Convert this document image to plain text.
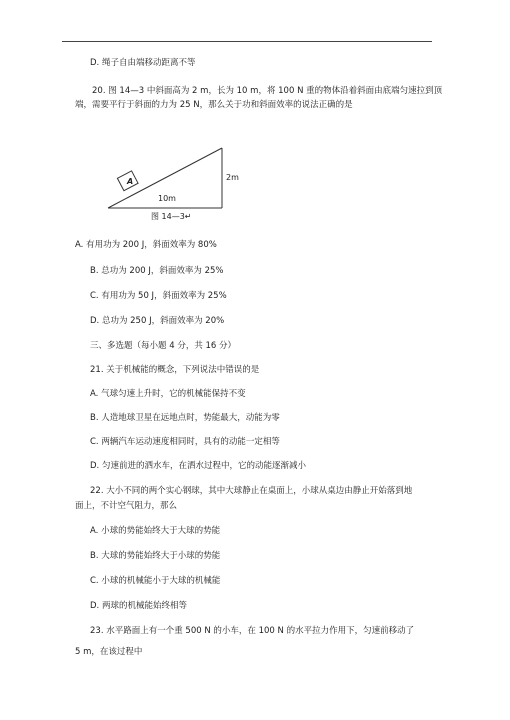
D. 绳子自由端移动距离不等
20. 图 14—3 中斜面高为 2 m，长为 10 m，将 100 N 重的物体沿着斜面由底端匀速拉到顶
端，需要平行于斜面的力为 25 N，那么关于功和斜面效率的说法正确的是
A
10m
2m
图 14—3↵
A. 有用功为 200 J，斜面效率为 80%
B. 总功为 200 J，斜面效率为 25%
C. 有用功为 50 J，斜面效率为 25%
D. 总功为 250 J，斜面效率为 20%
三、多选题（每小题 4 分，共 16 分）
21. 关于机械能的概念，下列说法中错误的是
A. 气球匀速上升时，它的机械能保持不变
B. 人造地球卫星在远地点时，势能最大，动能为零
C. 两辆汽车运动速度相同时，具有的动能一定相等
D. 匀速前进的洒水车，在洒水过程中，它的动能逐渐减小
22. 大小不同的两个实心钢球，其中大球静止在桌面上，小球从桌边由静止开始落到地
面上，不计空气阻力，那么
A. 小球的势能始终大于大球的势能
B. 大球的势能始终大于小球的势能
C. 小球的机械能小于大球的机械能
D. 两球的机械能始终相等
23. 水平路面上有一个重 500 N 的小车，在 100 N 的水平拉力作用下，匀速前移动了
5 m，在该过程中
